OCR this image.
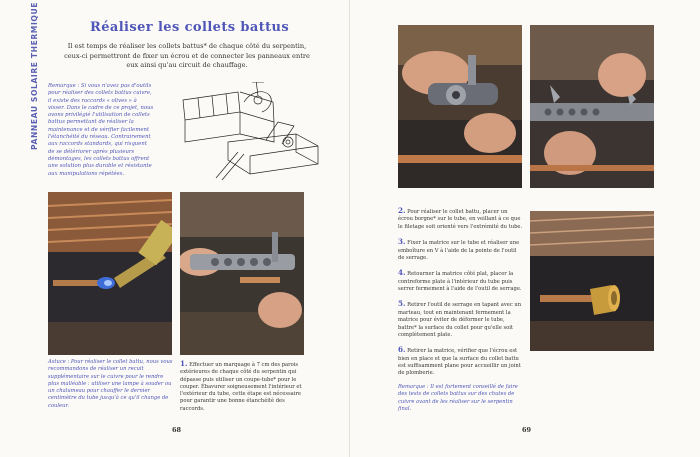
PANNEAU SOLAIRE THERMIQUE	Réaliser les collets battus

Il est temps de réaliser les collets battus* de chaque côté du serpentin, ceux-ci permettront de fixer un écrou et de connecter les panneaux entre eux ainsi qu'au circuit de chauffage.

Remarque : Si vous n'avez pas d'outils pour réaliser des collets battus cuivre, il existe des raccords « olives » à visser. Dans le cadre de ce projet, nous avons privilégié l'utilisation de collets battus permettant de réaliser la maintenance et de vérifier facilement l'étanchéité du réseau. Contrairement aux raccords standards, qui risquent de se détériorer après plusieurs démontages, les collets battus offrent une solution plus durable et résistante aux manipulations répétées.

Astuce : Pour réaliser le collet battu, nous vous recommandons de réaliser un recuit supplémentaire sur le cuivre pour le rendre plus malléable : utiliser une lampe à souder ou un chalumeau pour chauffer le dernier centimètre du tube jusqu'à ce qu'il change de couleur.

1. Effectuer un marquage à 7 cm des parois extérieures de chaque côté du serpentin qui dépasse puis utiliser un coupe-tube* pour le couper. Ébavurer soigneusement l'intérieur et l'extérieur du tube, cette étape est nécessaire pour garantir une bonne étanchéité des raccords.

68	69

2. Pour réaliser le collet battu, placer un écrou borgne* sur le tube, en veillant à ce que le filetage soit orienté vers l'extrémité du tube.

3. Fixer la matrice sur le tube et réaliser une emboîture en V à l'aide de la pointe de l'outil de serrage.

4. Retourner la matrice côté plat, placer la contreforme plate à l'intérieur du tube puis serrer fermement à l'aide de l'outil de serrage.

5. Retirer l'outil de serrage en tapant avec un marteau, tout en maintenant fermement la matrice pour éviter de déformer le tube, battre* la surface du collet pour qu'elle soit complètement plate.

6. Retirer la matrice, vérifier que l'écrou est bien en place et que la surface du collet battu est suffisamment plane pour accueillir un joint de plomberie.

Remarque : Il est fortement conseillé de faire des tests de collets battus sur des chutes de cuivre avant de les réaliser sur le serpentin final.
